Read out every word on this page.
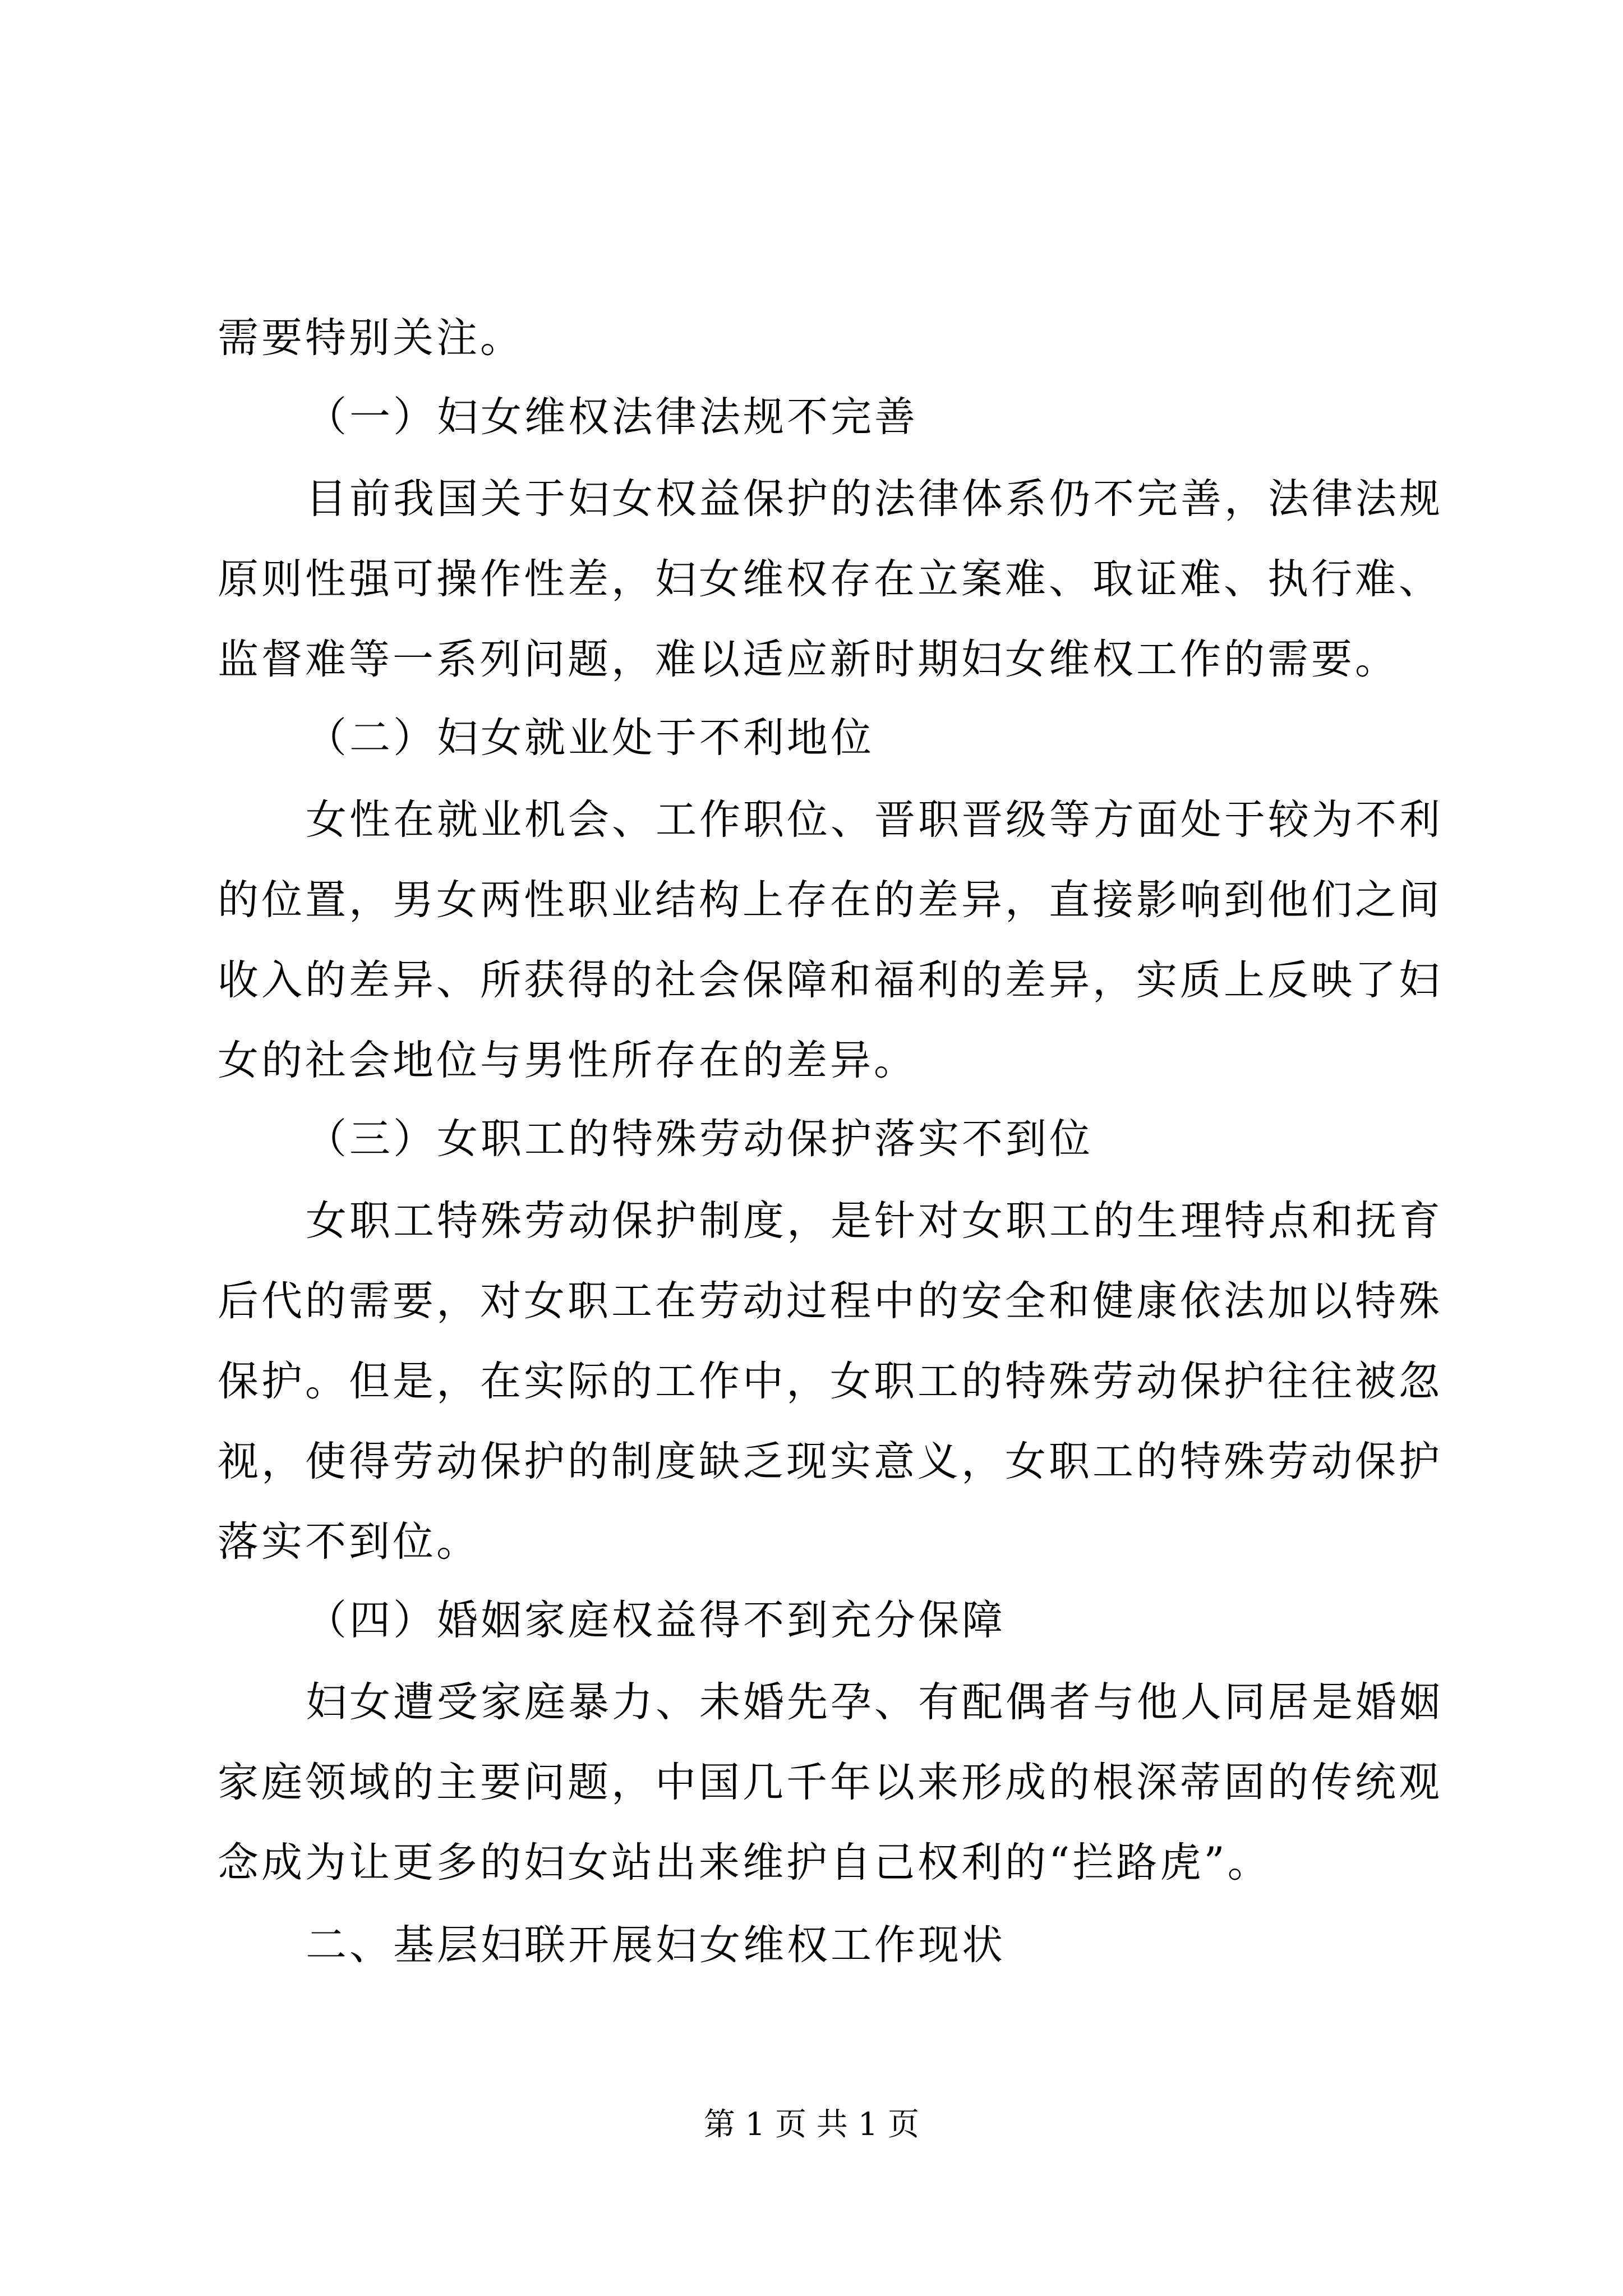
需要特别关注。
（一）妇女维权法律法规不完善
目前我国关于妇女权益保护的法律体系仍不完善，法律法规
原则性强可操作性差，妇女维权存在立案难、取证难、执行难、
监督难等一系列问题，难以适应新时期妇女维权工作的需要。
（二）妇女就业处于不利地位
女性在就业机会、工作职位、晋职晋级等方面处于较为不利
的位置，男女两性职业结构上存在的差异，直接影响到他们之间
收入的差异、所获得的社会保障和福利的差异，实质上反映了妇
女的社会地位与男性所存在的差异。
（三）女职工的特殊劳动保护落实不到位
女职工特殊劳动保护制度，是针对女职工的生理特点和抚育
后代的需要，对女职工在劳动过程中的安全和健康依法加以特殊
保护。但是，在实际的工作中，女职工的特殊劳动保护往往被忽
视，使得劳动保护的制度缺乏现实意义，女职工的特殊劳动保护
落实不到位。
（四）婚姻家庭权益得不到充分保障
妇女遭受家庭暴力、未婚先孕、有配偶者与他人同居是婚姻
家庭领域的主要问题，中国几千年以来形成的根深蒂固的传统观
念成为让更多的妇女站出来维护自己权利的“拦路虎”。
二、基层妇联开展妇女维权工作现状
第 1 页 共 1 页
